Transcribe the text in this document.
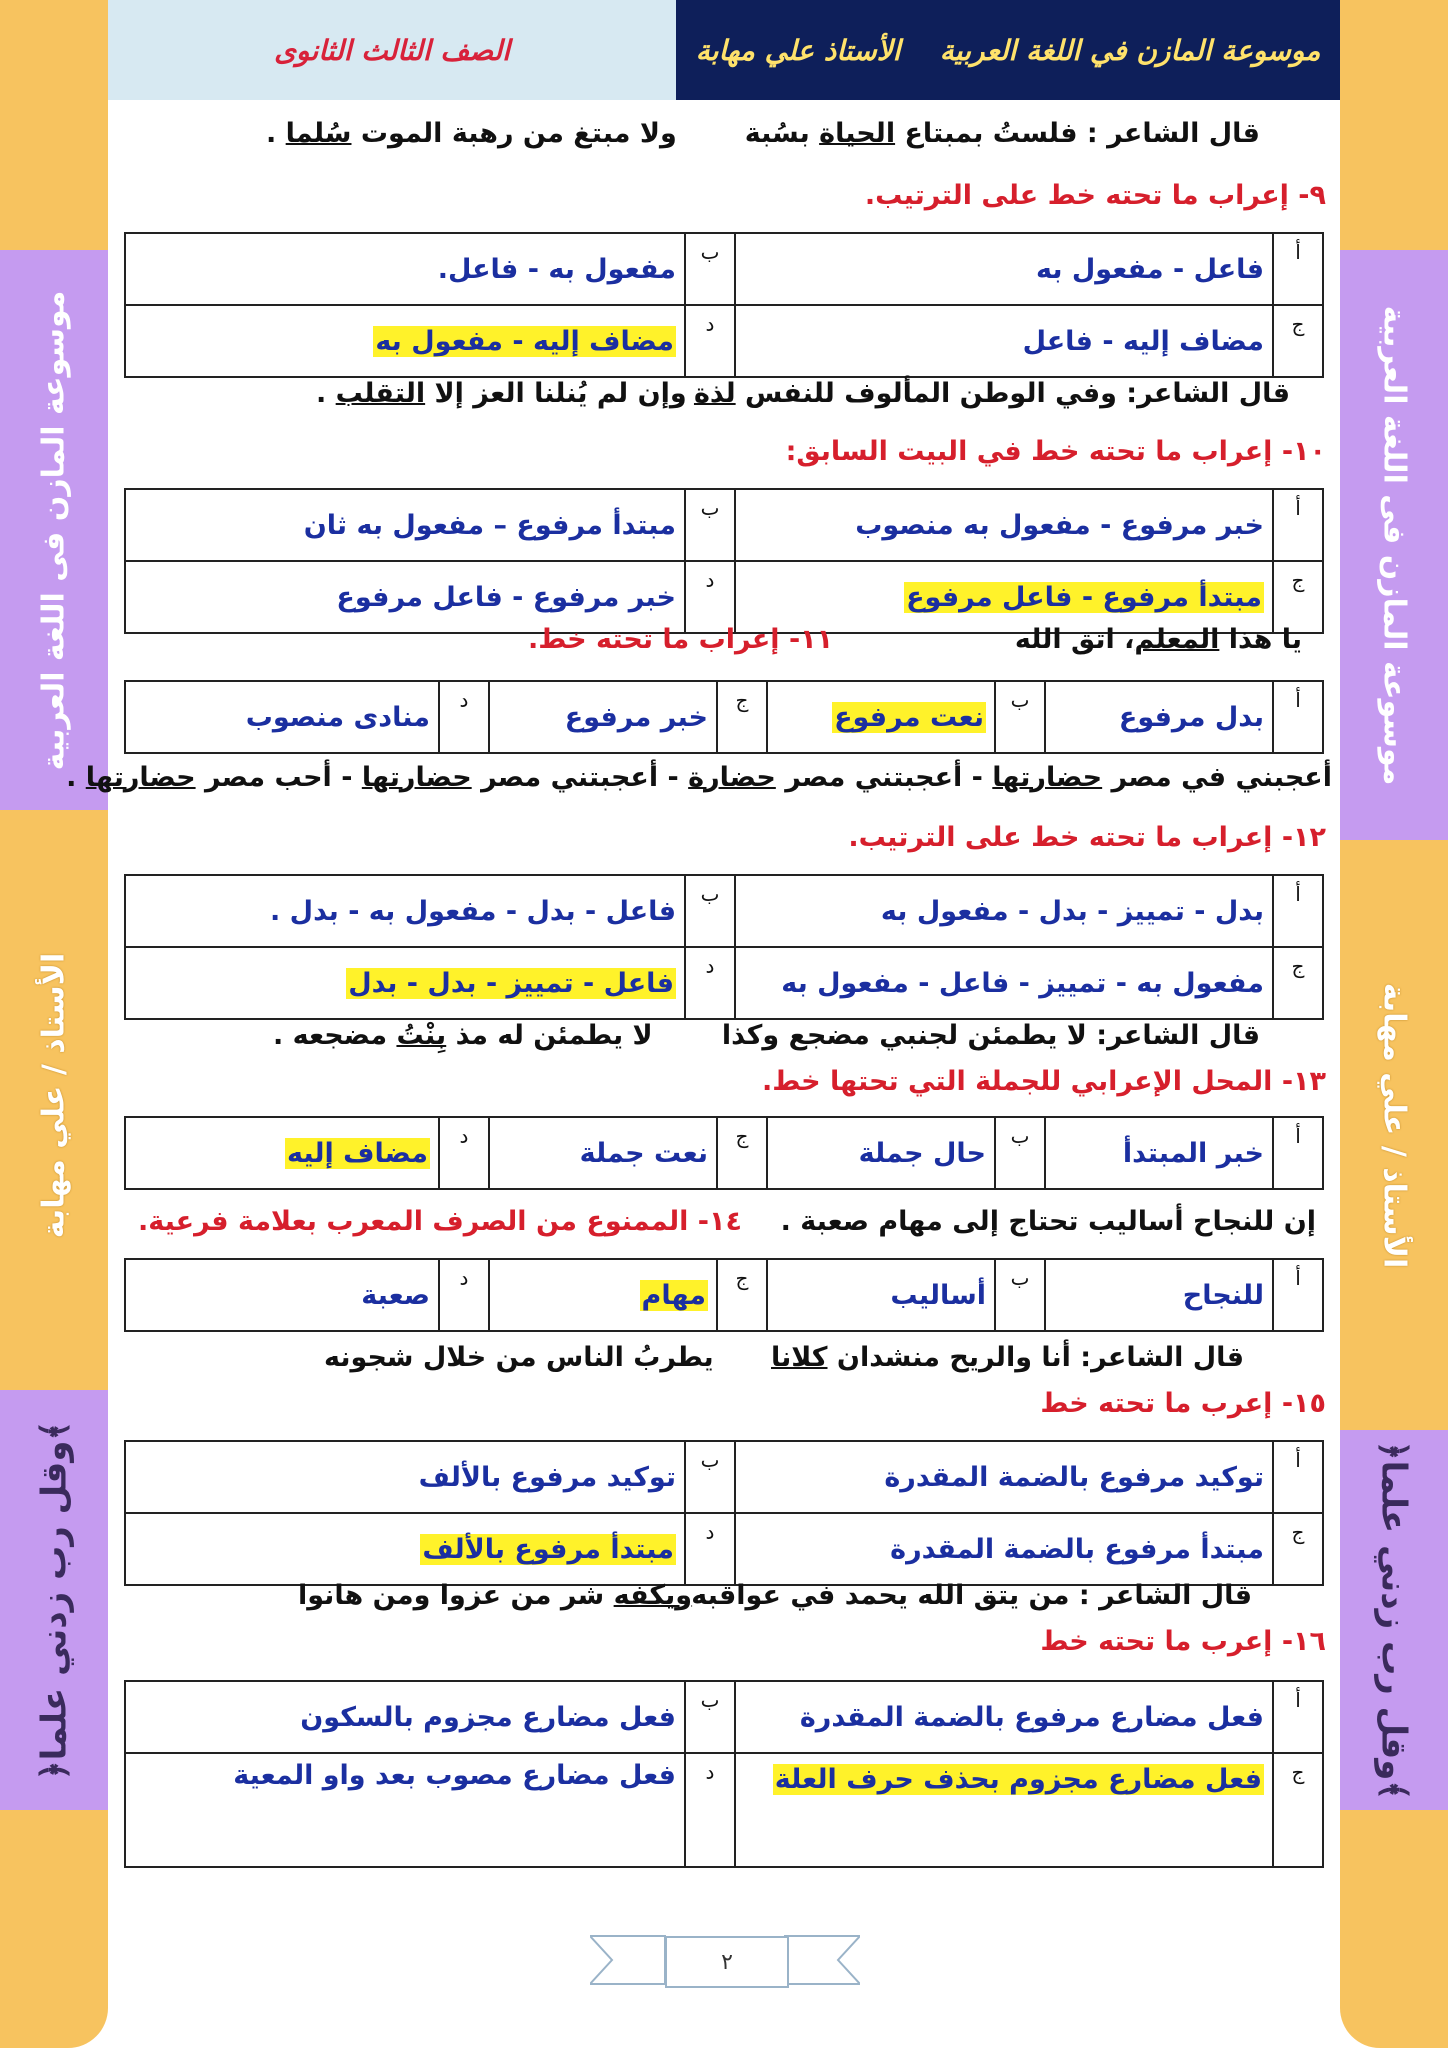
موسوعة المازن فى اللغة العربية
الأستاذ / علي مهابة
﴿وقل رب زدني علما﴾
موسوعة المازن فى اللغة العربية
الأستاذ / علي مهابة
﴿وقل رب زدني علما﴾
الصف الثالث الثانوى	موسوعة المازن في اللغة العربية
الأستاذ علي مهابة
قال الشاعر : فلستُ بمبتاع الحياة بسُبة
ولا مبتغ من رهبة الموت سُلما .
٩- إعراب ما تحته خط على الترتيب.
أ	فاعل - مفعول به	ب	مفعول به - فاعل.
ج	مضاف إليه - فاعل	د	مضاف إليه - مفعول به
قال الشاعر: وفي الوطن المألوف للنفس لذة
وإن لم يُنلنا العز إلا التقلب .
١٠- إعراب ما تحته خط في البيت السابق:
أ	خبر مرفوع - مفعول به منصوب	ب	مبتدأ مرفوع – مفعول به ثان
ج	مبتدأ مرفوع - فاعل مرفوع	د	خبر مرفوع - فاعل مرفوع
يا هذا المعلم، اتق الله
١١- إعراب ما تحته خط.
أ	بدل مرفوع	ب	نعت مرفوع	ج	خبر مرفوع	د	منادى منصوب
أعجبني في مصر حضارتها - أعجبتني مصر حضارة - أعجبتني مصر حضارتها - أحب مصر حضارتها .
١٢- إعراب ما تحته خط على الترتيب.
أ	بدل - تمييز - بدل - مفعول به	ب	فاعل - بدل - مفعول به - بدل .
ج	مفعول به - تمييز - فاعل - مفعول به	د	فاعل - تمييز - بدل - بدل
قال الشاعر: لا يطمئن لجنبي مضجع وكذا
لا يطمئن له مذ بِنْتُ مضجعه .
١٣- المحل الإعرابي للجملة التي تحتها خط.
أ	خبر المبتدأ	ب	حال جملة	ج	نعت جملة	د	مضاف إليه
إن للنجاح أساليب تحتاج إلى مهام صعبة .
١٤- الممنوع من الصرف المعرب بعلامة فرعية.
أ	للنجاح	ب	أساليب	ج	مهام	د	صعبة
قال الشاعر: أنا والريح منشدان كلانا
يطربُ الناس من خلال شجونه
١٥- إعرب ما تحته خط
أ	توكيد مرفوع بالضمة المقدرة	ب	توكيد مرفوع بالألف
ج	مبتدأ مرفوع بالضمة المقدرة	د	مبتدأ مرفوع بالألف
قال الشاعر : من يتق الله يحمد في عواقبه
ويكفه شر من عزوا ومن هانوا
١٦- إعرب ما تحته خط
أ	فعل مضارع مرفوع بالضمة المقدرة	ب	فعل مضارع مجزوم بالسكون
ج	فعل مضارع مجزوم بحذف حرف العلة	د	فعل مضارع مصوب بعد واو المعية
٢
